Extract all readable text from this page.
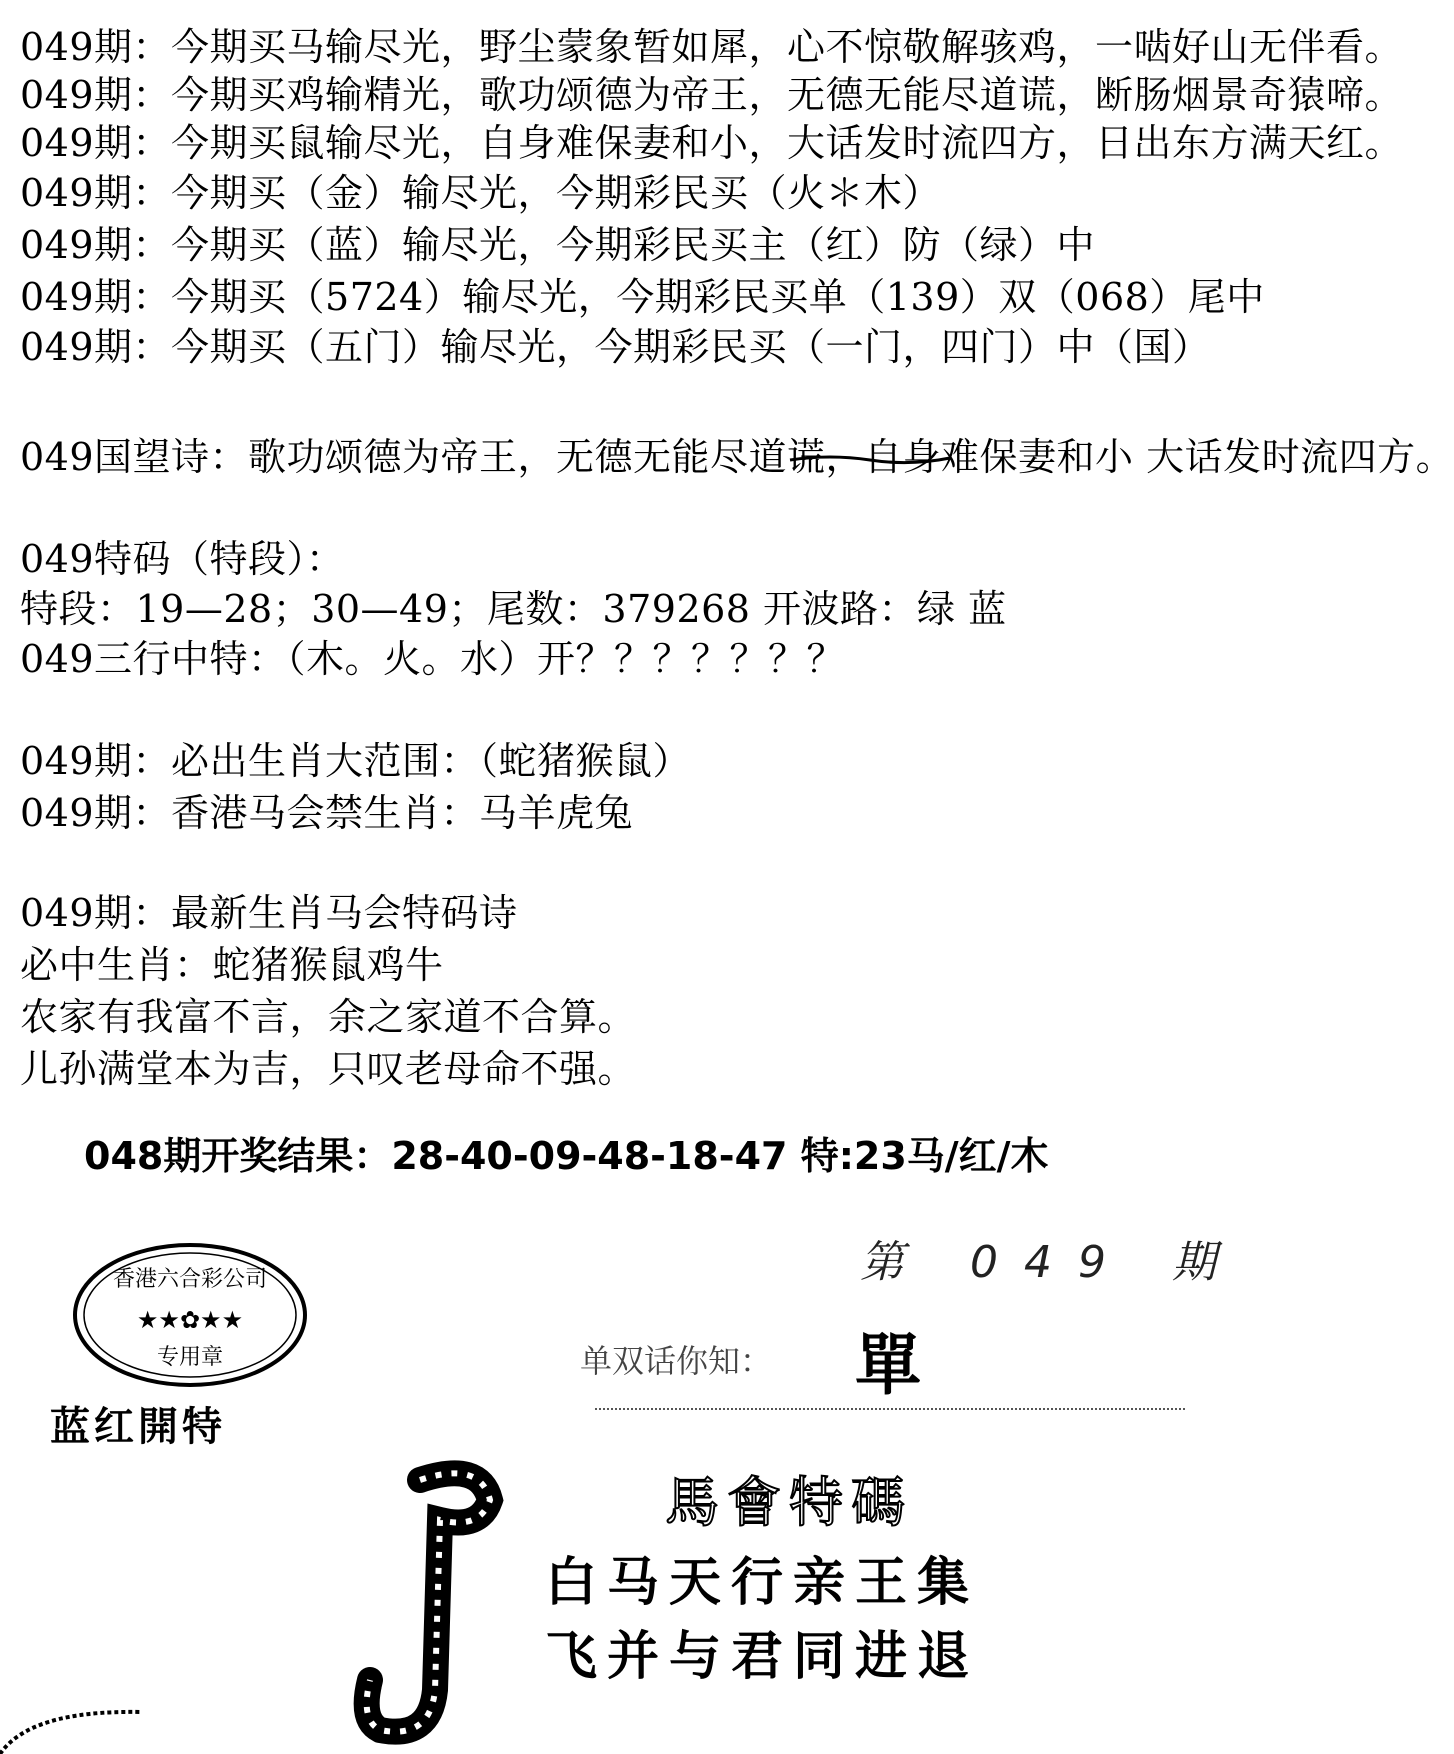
049期：今期买马输尽光，野尘蒙象暂如犀，心不惊敬解骇鸡，一啮好山无伴看。
049期：今期买鸡输精光，歌功颂德为帝王，无德无能尽道谎，断肠烟景奇猿啼。
049期：今期买鼠输尽光，自身难保妻和小，大话发时流四方，日出东方满天红。
049期：今期买（金）输尽光，今期彩民买（火＊木）
049期：今期买（蓝）输尽光，今期彩民买主（红）防（绿）中
049期：今期买（5724）输尽光，今期彩民买单（139）双（068）尾中
049期：今期买（五门）输尽光，今期彩民买（一门，四门）中（国）
049国望诗：歌功颂德为帝王，无德无能尽道谎，自身难保妻和小 大话发时流四方。
049特码（特段）：
特段：19—28；30—49；尾数：379268 开波路：绿 蓝
049三行中特：（木。火。水）开？？？？？？？
049期：必出生肖大范围：（蛇猪猴鼠）
049期：香港马会禁生肖：马羊虎兔
049期：最新生肖马会特码诗
必中生肖：蛇猪猴鼠鸡牛
农家有我富不言，余之家道不合算。
儿孙满堂本为吉，只叹老母命不强。
048期开奖结果：28-40-09-48-18-47 特:23马/红/木
香港六合彩公司
★★✿★★
专用章
蓝红開特
第 049 期
单双话你知： 單
馬會特碼
白马天行亲王集
飞并与君同进退
